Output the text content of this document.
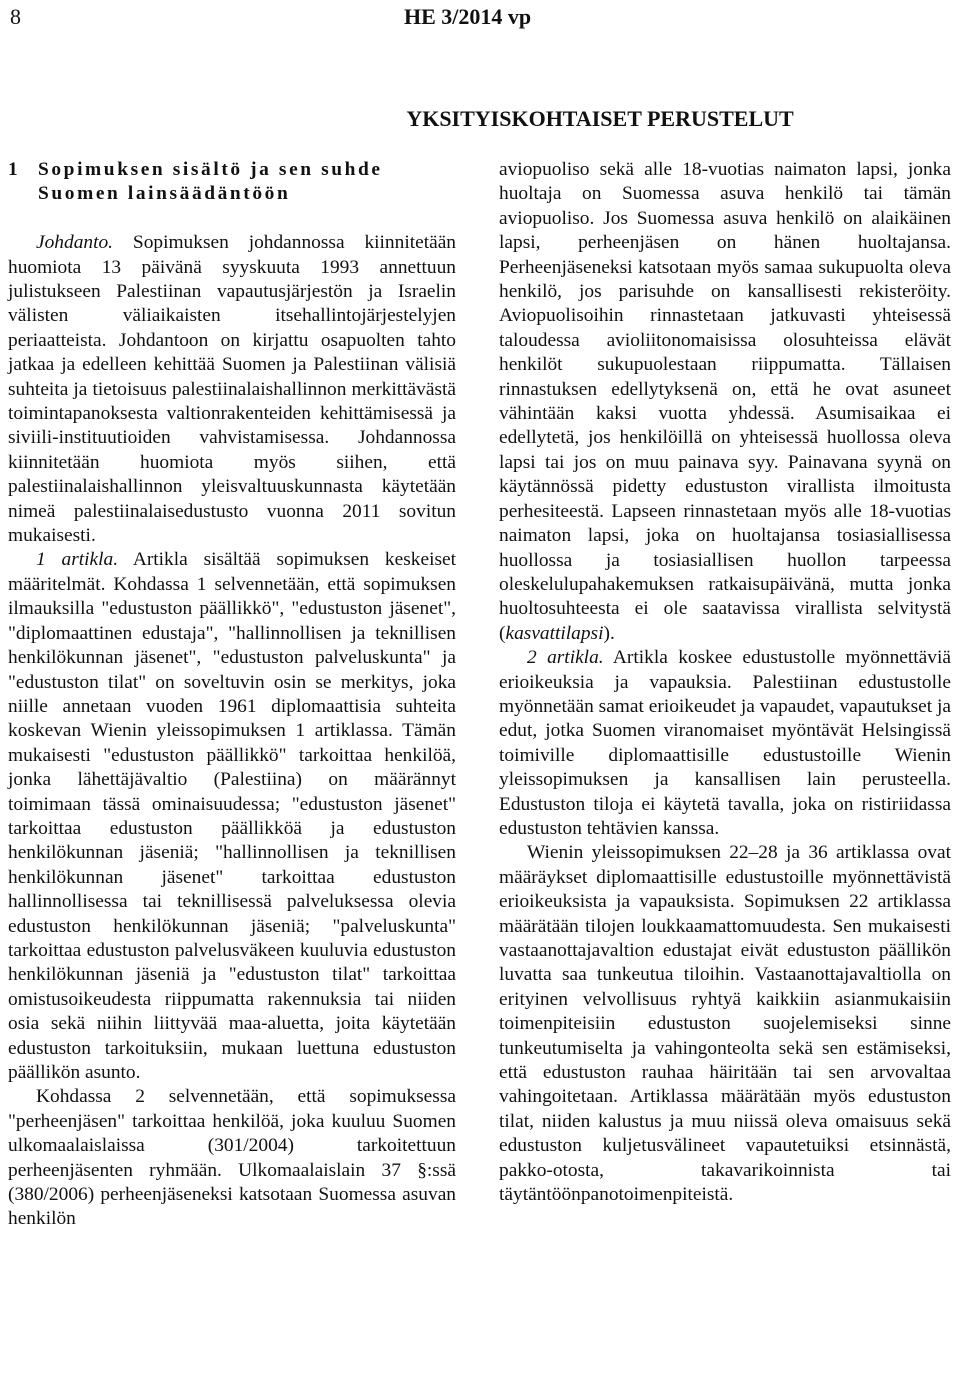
8	HE 3/2014 vp
YKSITYISKOHTAISET PERUSTELUT

1	Sopimuksen sisältö ja sen suhde Suomen lainsäädäntöön

Johdanto. Sopimuksen johdannossa kiinnitetään huomiota 13 päivänä syyskuuta 1993 annettuun julistukseen Palestiinan vapautusjärjestön ja Israelin välisten väliaikaisten itsehallintojärjestelyjen periaatteista. Johdantoon on kirjattu osapuolten tahto jatkaa ja edelleen kehittää Suomen ja Palestiinan välisiä suhteita ja tietoisuus palestiinalaishallinnon merkittävästä toimintapanoksesta valtionrakenteiden kehittämisessä ja siviili-instituutioiden vahvistamisessa. Johdannossa kiinnitetään huomiota myös siihen, että palestiinalaishallinnon yleisvaltuuskunnasta käytetään nimeä palestiinalaisedustusto vuonna 2011 sovitun mukaisesti.

1 artikla. Artikla sisältää sopimuksen keskeiset määritelmät. Kohdassa 1 selvennetään, että sopimuksen ilmauksilla "edustuston päällikkö", "edustuston jäsenet", "diplomaattinen edustaja", "hallinnollisen ja teknillisen henkilökunnan jäsenet", "edustuston palveluskunta" ja "edustuston tilat" on soveltuvin osin se merkitys, joka niille annetaan vuoden 1961 diplomaattisia suhteita koskevan Wienin yleissopimuksen 1 artiklassa. Tämän mukaisesti "edustuston päällikkö" tarkoittaa henkilöä, jonka lähettäjävaltio (Palestiina) on määrännyt toimimaan tässä ominaisuudessa; "edustuston jäsenet" tarkoittaa edustuston päällikköä ja edustuston henkilökunnan jäseniä; "hallinnollisen ja teknillisen henkilökunnan jäsenet" tarkoittaa edustuston hallinnollisessa tai teknillisessä palveluksessa olevia edustuston henkilökunnan jäseniä; "palveluskunta" tarkoittaa edustuston palvelusväkeen kuuluvia edustuston henkilökunnan jäseniä ja "edustuston tilat" tarkoittaa omistusoikeudesta riippumatta rakennuksia tai niiden osia sekä niihin liittyvää maa-aluetta, joita käytetään edustuston tarkoituksiin, mukaan luettuna edustuston päällikön asunto.

Kohdassa 2 selvennetään, että sopimuksessa "perheenjäsen" tarkoittaa henkilöä, joka kuuluu Suomen ulkomaalaislaissa (301/2004) tarkoitettuun perheenjäsenten ryhmään. Ulkomaalaislain 37 §:ssä (380/2006) perheenjäseneksi katsotaan Suomessa asuvan henkilön

aviopuoliso sekä alle 18-vuotias naimaton lapsi, jonka huoltaja on Suomessa asuva henkilö tai tämän aviopuoliso. Jos Suomessa asuva henkilö on alaikäinen lapsi, perheenjäsen on hänen huoltajansa. Perheenjäseneksi katsotaan myös samaa sukupuolta oleva henkilö, jos parisuhde on kansallisesti rekisteröity. Aviopuolisoihin rinnastetaan jatkuvasti yhteisessä taloudessa avioliitonomaisissa olosuhteissa elävät henkilöt sukupuolestaan riippumatta. Tällaisen rinnastuksen edellytyksenä on, että he ovat asuneet vähintään kaksi vuotta yhdessä. Asumisaikaa ei edellytetä, jos henkilöillä on yhteisessä huollossa oleva lapsi tai jos on muu painava syy. Painavana syynä on käytännössä pidetty edustuston virallista ilmoitusta perhesiteestä. Lapseen rinnastetaan myös alle 18-vuotias naimaton lapsi, joka on huoltajansa tosiasiallisessa huollossa ja tosiasiallisen huollon tarpeessa oleskelulupahakemuksen ratkaisupäivänä, mutta jonka huoltosuhteesta ei ole saatavissa virallista selvitystä (kasvattilapsi).

2 artikla. Artikla koskee edustustolle myönnettäviä erioikeuksia ja vapauksia. Palestiinan edustustolle myönnetään samat erioikeudet ja vapaudet, vapautukset ja edut, jotka Suomen viranomaiset myöntävät Helsingissä toimiville diplomaattisille edustustoille Wienin yleissopimuksen ja kansallisen lain perusteella. Edustuston tiloja ei käytetä tavalla, joka on ristiriidassa edustuston tehtävien kanssa.

Wienin yleissopimuksen 22–28 ja 36 artiklassa ovat määräykset diplomaattisille edustustoille myönnettävistä erioikeuksista ja vapauksista. Sopimuksen 22 artiklassa määrätään tilojen loukkaamattomuudesta. Sen mukaisesti vastaanottajavaltion edustajat eivät edustuston päällikön luvatta saa tunkeutua tiloihin. Vastaanottajavaltiolla on erityinen velvollisuus ryhtyä kaikkiin asianmukaisiin toimenpiteisiin edustuston suojelemiseksi sinne tunkeutumiselta ja vahingonteolta sekä sen estämiseksi, että edustuston rauhaa häiritään tai sen arvovaltaa vahingoitetaan. Artiklassa määrätään myös edustuston tilat, niiden kalustus ja muu niissä oleva omaisuus sekä edustuston kuljetusvälineet vapautetuiksi etsinnästä, pakko-otosta, takavarikoinnista tai täytäntöönpanotoimenpiteistä.
